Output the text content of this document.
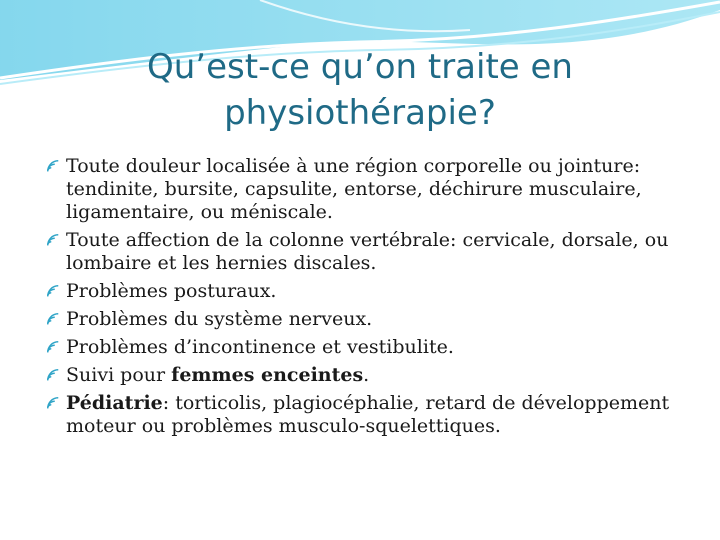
Qu’est-ce qu’on traite en
physiothérapie?
Toute douleur localisée à une région corporelle ou jointure: tendinite, bursite, capsulite, entorse, déchirure musculaire, ligamentaire, ou méniscale.
Toute affection de la colonne vertébrale: cervicale, dorsale, ou lombaire et les hernies discales.
Problèmes posturaux.
Problèmes du système nerveux.
Problèmes d’incontinence et vestibulite.
Suivi pour femmes enceintes.
Pédiatrie: torticolis, plagiocéphalie, retard de développement moteur ou problèmes musculo-squelettiques.
